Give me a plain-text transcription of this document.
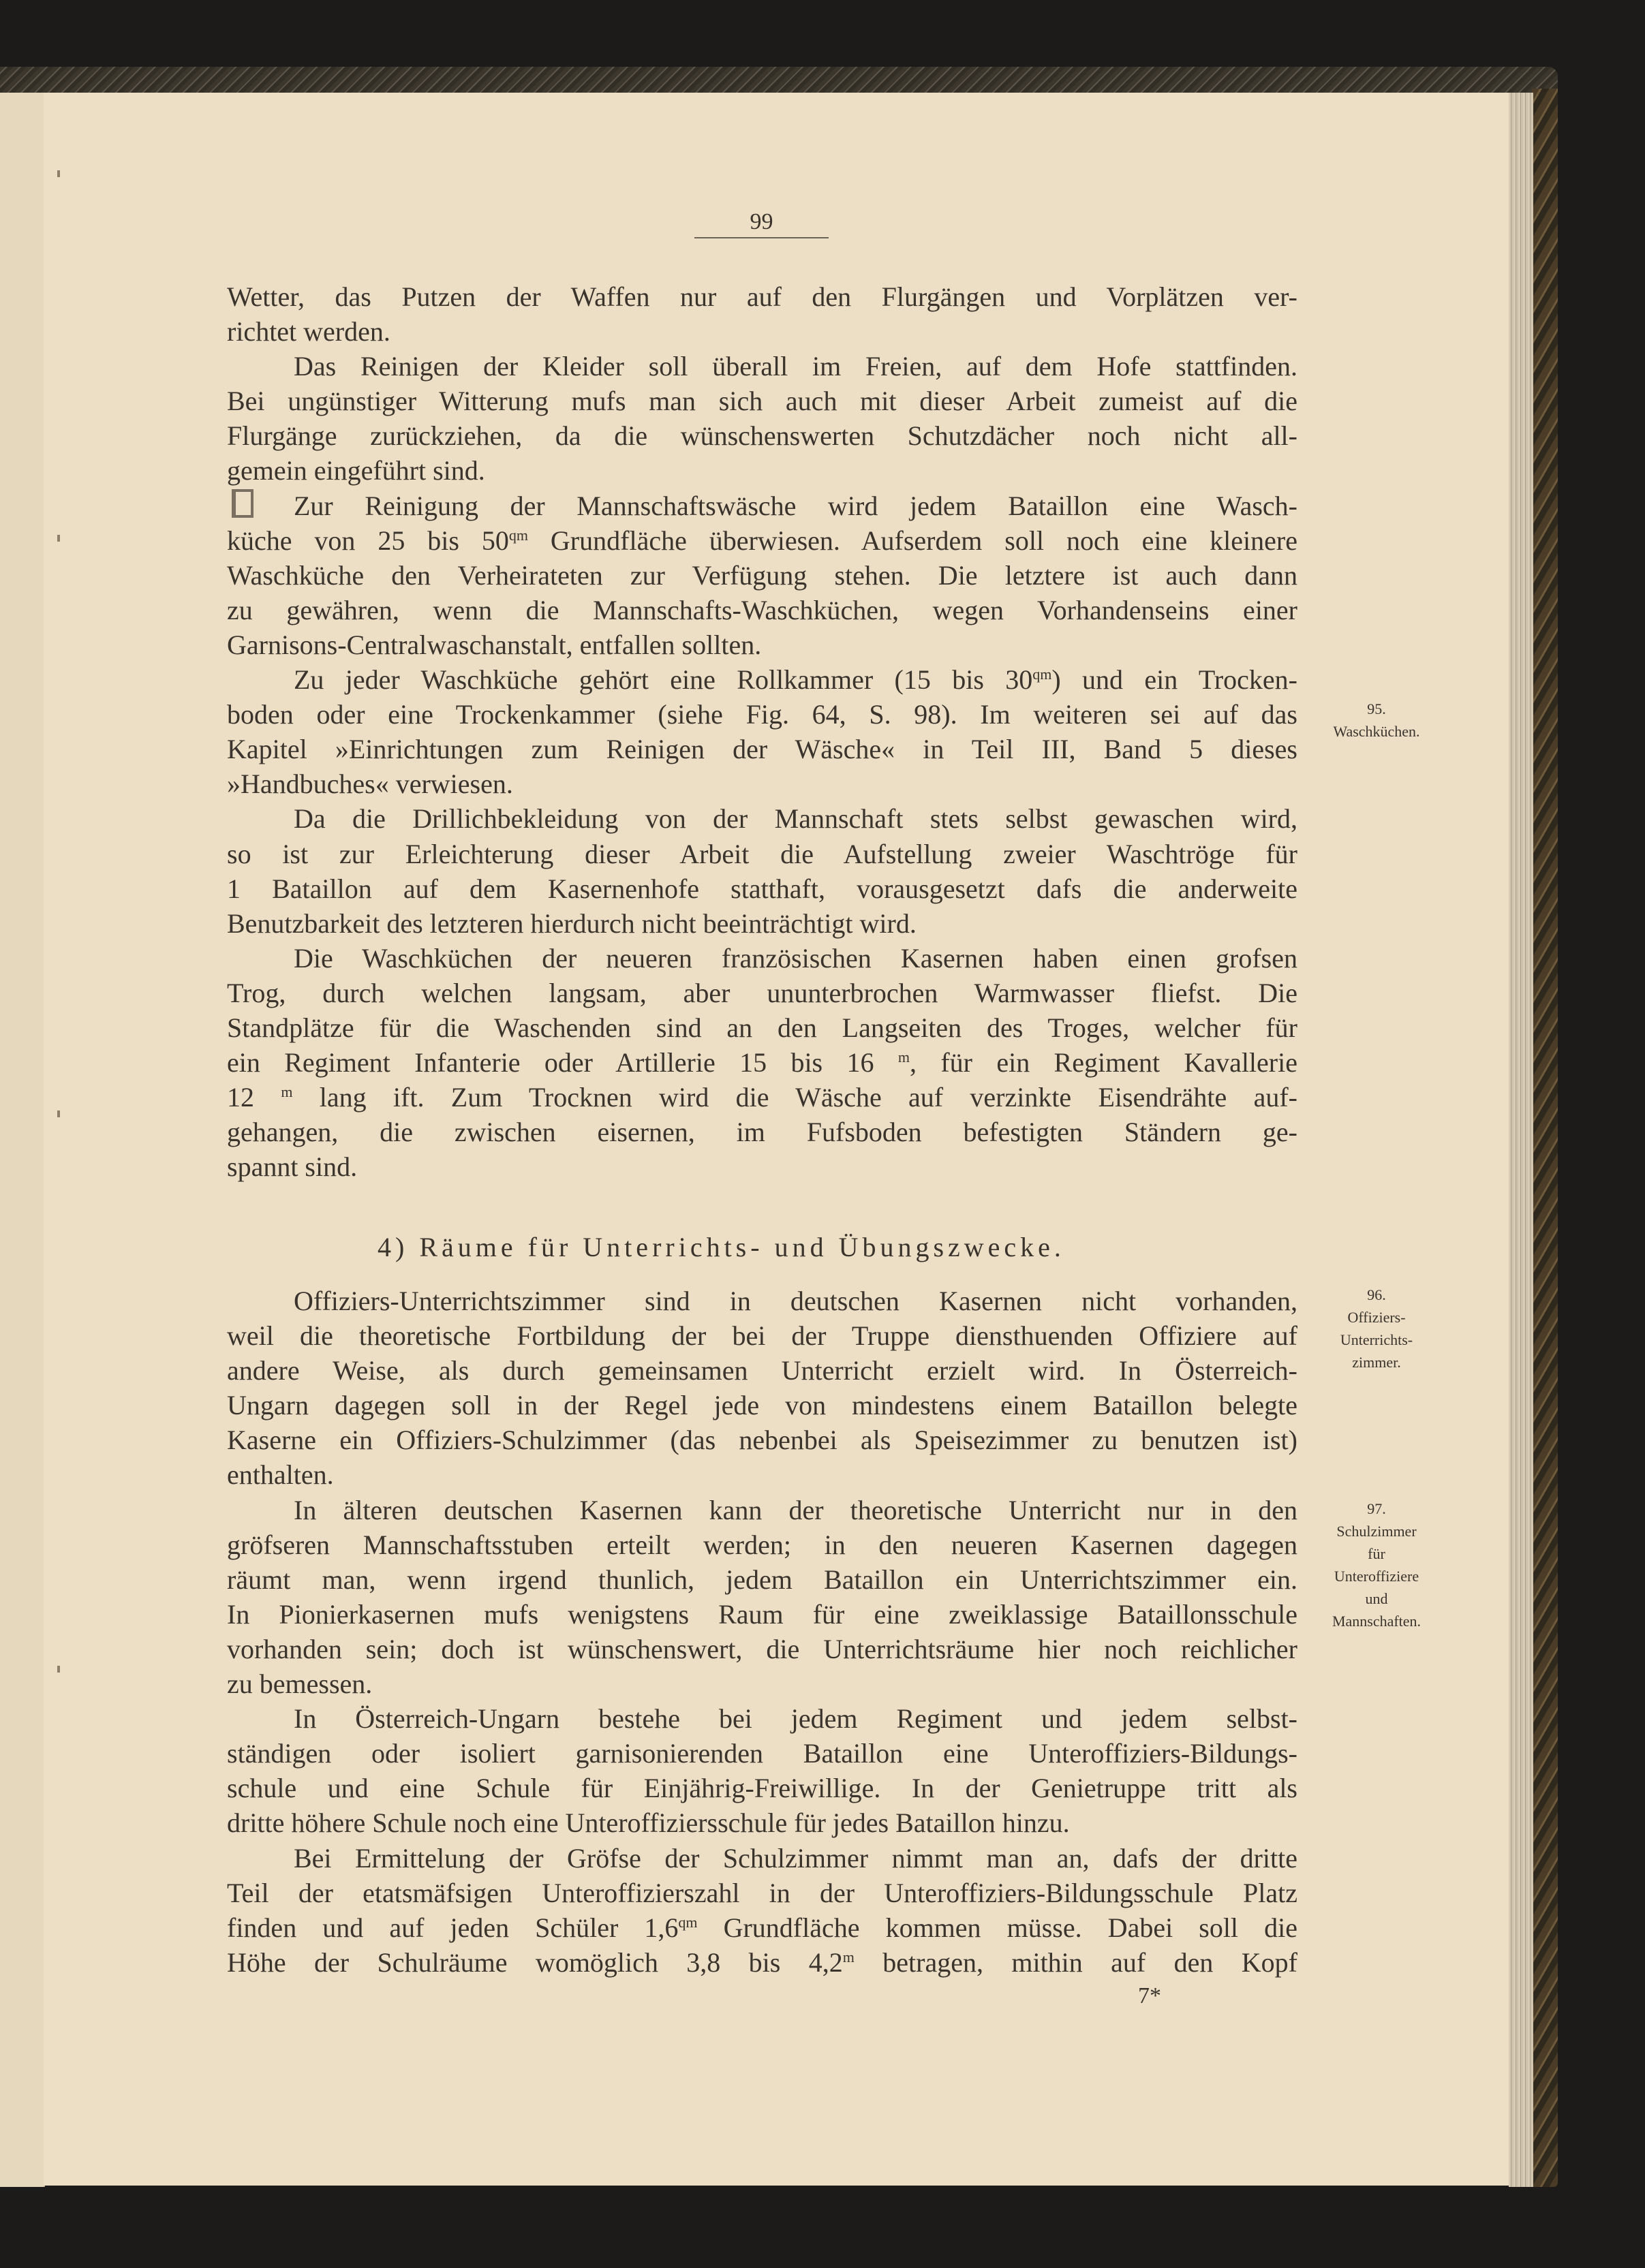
99
Wetter, das Putzen der Waffen nur auf den Flurgängen und Vorplätzen ver-
richtet werden.
Das Reinigen der Kleider soll überall im Freien, auf dem Hofe stattfinden.
Bei ungünstiger Witterung mufs man sich auch mit dieser Arbeit zumeist auf die
Flurgänge zurückziehen, da die wünschenswerten Schutzdächer noch nicht all-
gemein eingeführt sind.
Zur Reinigung der Mannschaftswäsche wird jedem Bataillon eine Wasch-
küche von 25 bis $50^{qm}$ Grundfläche überwiesen. Aufserdem soll noch eine kleinere
Waschküche den Verheirateten zur Verfügung stehen. Die letztere ist auch dann
zu gewähren, wenn die Mannschafts-Waschküchen, wegen Vorhandenseins einer
Garnisons-Centralwaschanstalt, entfallen sollten.
Zu jeder Waschküche gehört eine Rollkammer (15 bis $30^{qm}$) und ein Trocken-
boden oder eine Trockenkammer (siehe Fig. 64, S. 98). Im weiteren sei auf das
Kapitel »Einrichtungen zum Reinigen der Wäsche« in Teil III, Band 5 dieses
»Handbuches« verwiesen.
Da die Drillichbekleidung von der Mannschaft stets selbst gewaschen wird,
so ist zur Erleichterung dieser Arbeit die Aufstellung zweier Waschtröge für
1 Bataillon auf dem Kasernenhofe statthaft, vorausgesetzt dafs die anderweite
Benutzbarkeit des letzteren hierdurch nicht beeinträchtigt wird.
Die Waschküchen der neueren französischen Kasernen haben einen grofsen
Trog, durch welchen langsam, aber ununterbrochen Warmwasser fliefst. Die
Standplätze für die Waschenden sind an den Langseiten des Troges, welcher für
ein Regiment Infanterie oder Artillerie 15 bis 16 $^m$, für ein Regiment Kavallerie
12 $^m$ lang ift. Zum Trocknen wird die Wäsche auf verzinkte Eisendrähte auf-
gehangen, die zwischen eisernen, im Fufsboden befestigten Ständern ge-
spannt sind.
4) Räume für Unterrichts- und Übungszwecke.
Offiziers-Unterrichtszimmer sind in deutschen Kasernen nicht vorhanden,
weil die theoretische Fortbildung der bei der Truppe diensthuenden Offiziere auf
andere Weise, als durch gemeinsamen Unterricht erzielt wird. In Österreich-
Ungarn dagegen soll in der Regel jede von mindestens einem Bataillon belegte
Kaserne ein Offiziers-Schulzimmer (das nebenbei als Speisezimmer zu benutzen ist)
enthalten.
In älteren deutschen Kasernen kann der theoretische Unterricht nur in den
gröfseren Mannschaftsstuben erteilt werden; in den neueren Kasernen dagegen
räumt man, wenn irgend thunlich, jedem Bataillon ein Unterrichtszimmer ein.
In Pionierkasernen mufs wenigstens Raum für eine zweiklassige Bataillonsschule
vorhanden sein; doch ist wünschenswert, die Unterrichtsräume hier noch reichlicher
zu bemessen.
In Österreich-Ungarn bestehe bei jedem Regiment und jedem selbst-
ständigen oder isoliert garnisonierenden Bataillon eine Unteroffiziers-Bildungs-
schule und eine Schule für Einjährig-Freiwillige. In der Genietruppe tritt als
dritte höhere Schule noch eine Unteroffiziersschule für jedes Bataillon hinzu.
Bei Ermittelung der Gröfse der Schulzimmer nimmt man an, dafs der dritte
Teil der etatsmäfsigen Unteroffizierszahl in der Unteroffiziers-Bildungsschule Platz
finden und auf jeden Schüler $1,6^{qm}$ Grundfläche kommen müsse. Dabei soll die
Höhe der Schulräume womöglich 3,8 bis 4,2$^m$ betragen, mithin auf den Kopf
95.
Waschküchen.
96.
Offiziers-
Unterrichts-
zimmer.
97.
Schulzimmer
für
Unteroffiziere
und
Mannschaften.
7*
